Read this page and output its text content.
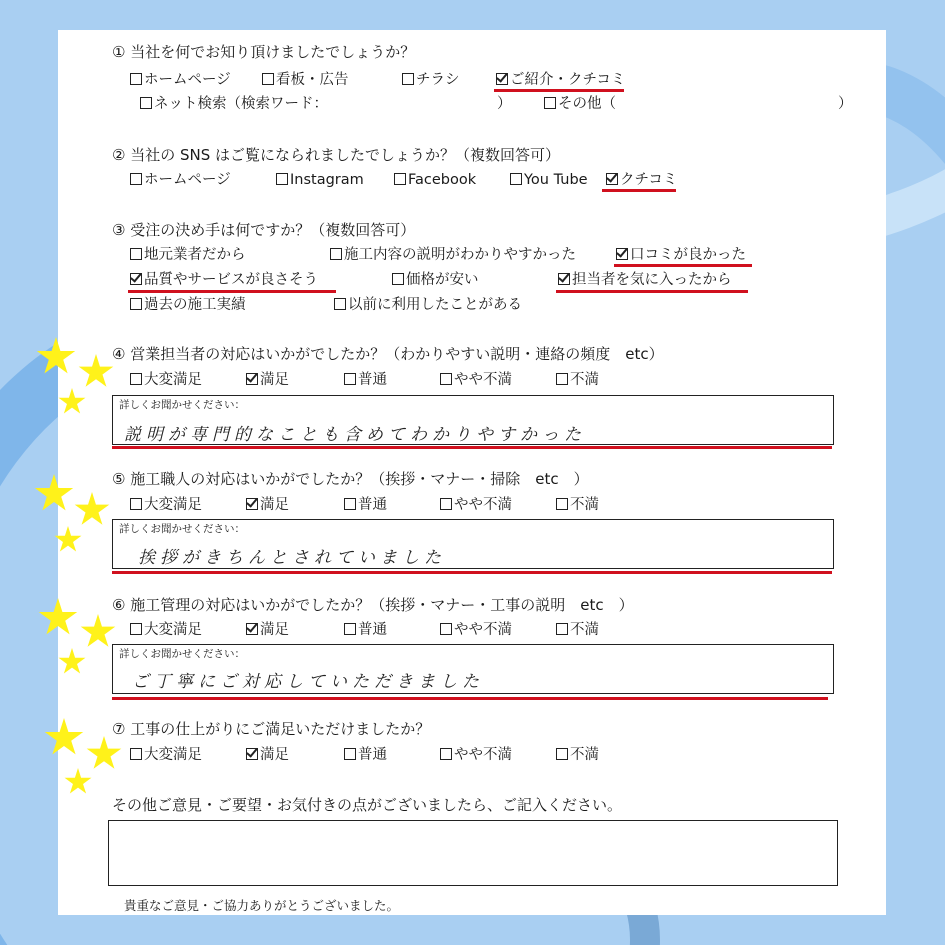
① 当社を何でお知り頂けましたでしょうか？
ホームページ	看板・広告	チラシ	ご紹介・クチコミ
ネット検索（検索ワード：	）	その他（	）
② 当社の SNS はご覧になられましたでしょうか？（複数回答可）
ホームページ	Instagram	Facebook	You Tube	クチコミ
③ 受注の決め手は何ですか？（複数回答可）
地元業者だから	施工内容の説明がわかりやすかった	口コミが良かった
品質やサービスが良さそう	価格が安い	担当者を気に入ったから
過去の施工実績	以前に利用したことがある
④ 営業担当者の対応はいかがでしたか？（わかりやすい説明・連絡の頻度　etc）
大変満足	満足	普通	やや不満	不満
詳しくお聞かせください：
説明が専門的なことも含めてわかりやすかった
⑤ 施工職人の対応はいかがでしたか？（挨拶・マナー・掃除　etc　）
大変満足	満足	普通	やや不満	不満
詳しくお聞かせください：
挨拶がきちんとされていました
⑥ 施工管理の対応はいかがでしたか？（挨拶・マナー・工事の説明　etc　）
大変満足	満足	普通	やや不満	不満
詳しくお聞かせください：
ご丁寧にご対応していただきました
⑦ 工事の仕上がりにご満足いただけましたか？
大変満足	満足	普通	やや不満	不満
その他ご意見・ご要望・お気付きの点がございましたら、ご記入ください。
貴重なご意見・ご協力ありがとうございました。
